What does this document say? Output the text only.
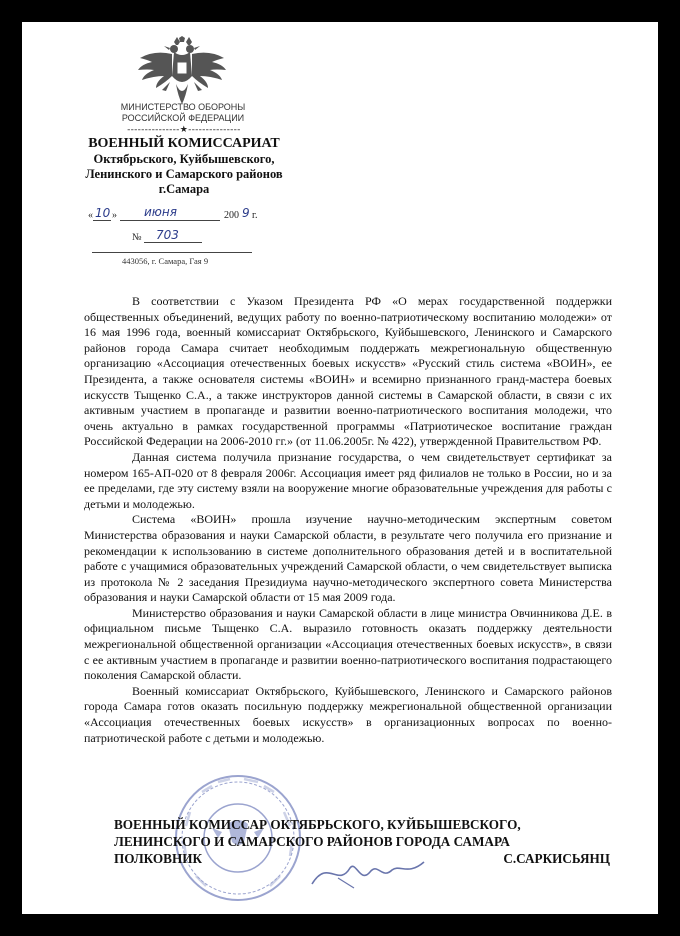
МИНИСТЕРСТВО ОБОРОНЫ
РОССИЙСКОЙ ФЕДЕРАЦИИ
---------------★---------------
ВОЕННЫЙ КОМИССАРИАТ
Октябрьского, Куйбышевского,
Ленинского и Самарского районов
г.Самара
« 10 » июня	200 9 г.
№ 703
443056, г. Самара, Гая 9

В соответствии с Указом Президента РФ «О мерах государственной поддержки общественных объединений, ведущих работу по военно-патриотическому воспитанию молодежи» от 16 мая 1996 года, военный комиссариат Октябрьского, Куйбышевского, Ленинского и Самарского районов города Самара считает необходимым поддержать межрегиональную общественную организацию «Ассоциация отечественных боевых искусств» «Русский стиль система «ВОИН», ее Президента, а также основателя системы «ВОИН» и всемирно признанного гранд-мастера боевых искусств Тыщенко С.А., а также инструкторов данной системы в Самарской области, в связи с их активным участием в пропаганде и развитии военно-патриотического воспитания молодежи, что очень актуально в рамках государственной программы «Патриотическое воспитание граждан Российской Федерации на 2006-2010 гг.» (от 11.06.2005г. № 422), утвержденной Правительством РФ.

Данная система получила признание государства, о чем свидетельствует сертификат за номером 165-АП-020 от 8 февраля 2006г. Ассоциация имеет ряд филиалов не только в России, но и за ее пределами, где эту систему взяли на вооружение многие образовательные учреждения для работы с детьми и молодежью.

Система «ВОИН» прошла изучение научно-методическим экспертным советом Министерства образования и науки Самарской области, в результате чего получила его признание и рекомендации к использованию в системе дополнительного образования детей и в воспитательной работе с учащимися образовательных учреждений Самарской области, о чем свидетельствует выписка из протокола № 2 заседания Президиума научно-методического экспертного совета Министерства образования и науки Самарской области от 15 мая 2009 года.

Министерство образования и науки Самарской области в лице министра Овчинникова Д.Е. в официальном письме Тыщенко С.А. выразило готовность оказать поддержку деятельности межрегиональной общественной организации «Ассоциация отечественных боевых искусств», в связи с ее активным участием в пропаганде и развитии военно-патриотического воспитания подрастающего поколения Самарской области.

Военный комиссариат Октябрьского, Куйбышевского, Ленинского и Самарского районов города Самара готов оказать посильную поддержку межрегиональной общественной организации «Ассоциация отечественных боевых искусств» в организационных вопросах по военно-патриотической работе с детьми и молодежью.

ВОЕННЫЙ КОМИССАР ОКТЯБРЬСКОГО, КУЙБЫШЕВСКОГО,
ЛЕНИНСКОГО И САМАРСКОГО РАЙОНОВ ГОРОДА САМАРА
ПОЛКОВНИК	С.САРКИСЬЯНЦ
